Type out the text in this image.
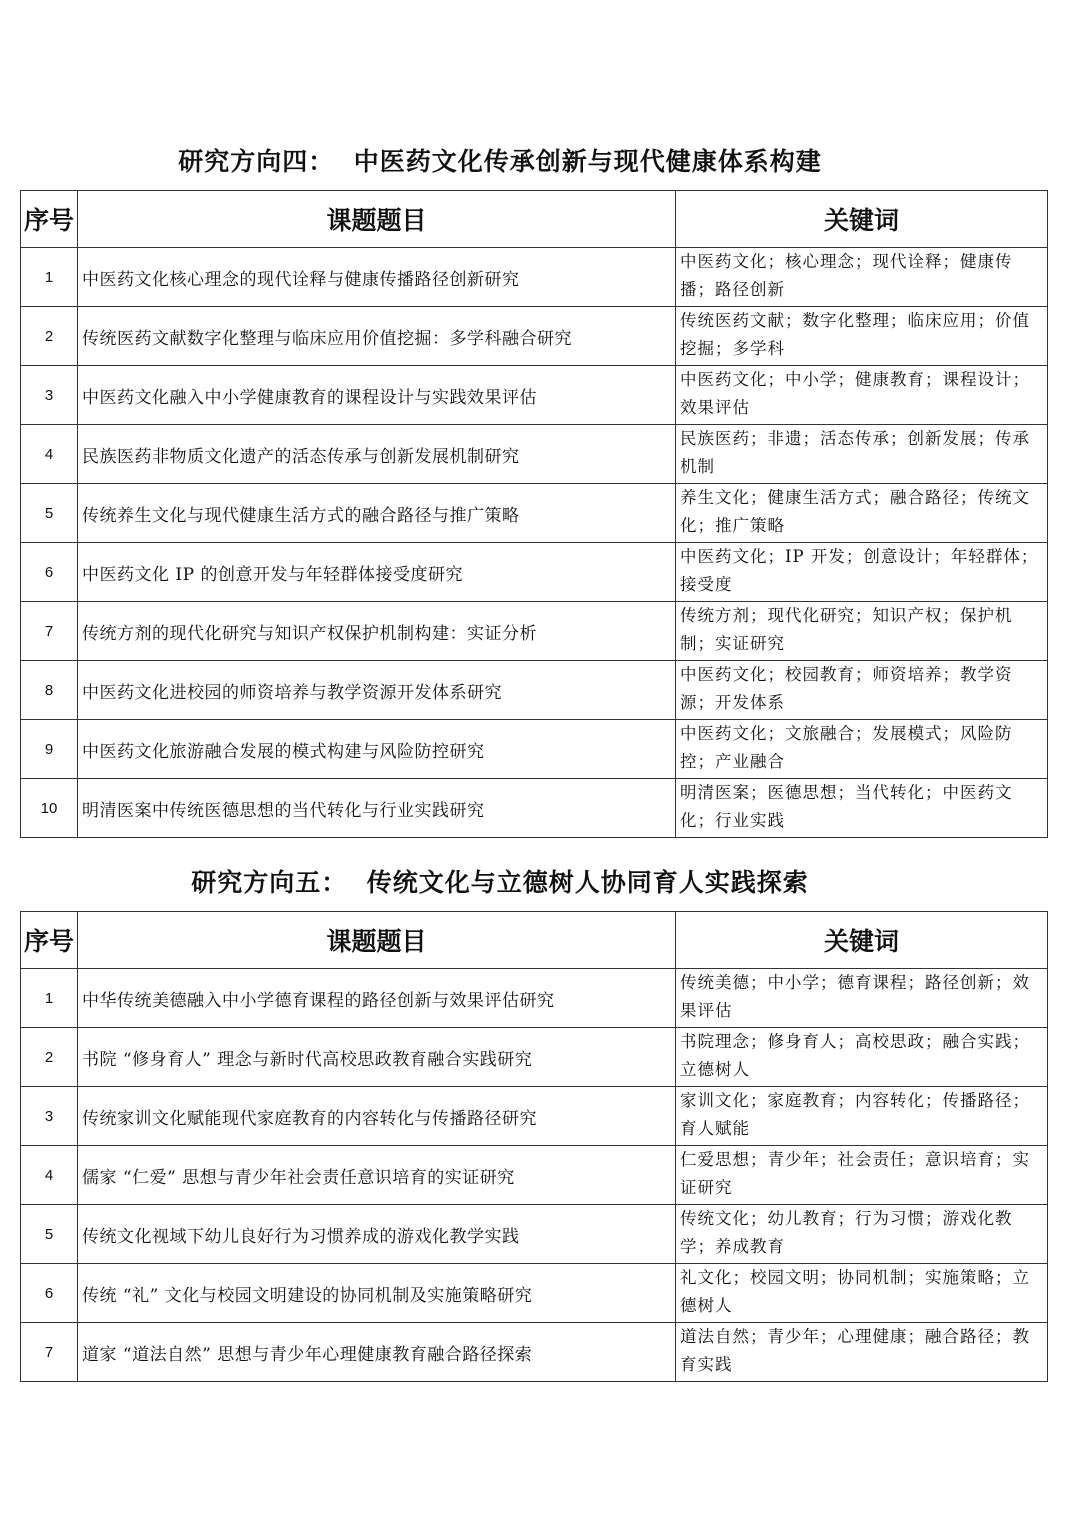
研究方向四：  中医药文化传承创新与现代健康体系构建
序号	课题题目	关键词
1	中医药文化核心理念的现代诠释与健康传播路径创新研究	中医药文化；核心理念；现代诠释；健康传播；路径创新
2	传统医药文献数字化整理与临床应用价值挖掘：多学科融合研究	传统医药文献；数字化整理；临床应用；价值挖掘；多学科
3	中医药文化融入中小学健康教育的课程设计与实践效果评估	中医药文化；中小学；健康教育；课程设计；效果评估
4	民族医药非物质文化遗产的活态传承与创新发展机制研究	民族医药；非遗；活态传承；创新发展；传承机制
5	传统养生文化与现代健康生活方式的融合路径与推广策略	养生文化；健康生活方式；融合路径；传统文化；推广策略
6	中医药文化 IP 的创意开发与年轻群体接受度研究	中医药文化；IP 开发；创意设计；年轻群体；接受度
7	传统方剂的现代化研究与知识产权保护机制构建：实证分析	传统方剂；现代化研究；知识产权；保护机制；实证研究
8	中医药文化进校园的师资培养与教学资源开发体系研究	中医药文化；校园教育；师资培养；教学资源；开发体系
9	中医药文化旅游融合发展的模式构建与风险防控研究	中医药文化；文旅融合；发展模式；风险防控；产业融合
10	明清医案中传统医德思想的当代转化与行业实践研究	明清医案；医德思想；当代转化；中医药文化；行业实践
研究方向五：  传统文化与立德树人协同育人实践探索
序号	课题题目	关键词
1	中华传统美德融入中小学德育课程的路径创新与效果评估研究	传统美德；中小学；德育课程；路径创新；效果评估
2	书院 “修身育人” 理念与新时代高校思政教育融合实践研究	书院理念；修身育人；高校思政；融合实践；立德树人
3	传统家训文化赋能现代家庭教育的内容转化与传播路径研究	家训文化；家庭教育；内容转化；传播路径；育人赋能
4	儒家 “仁爱” 思想与青少年社会责任意识培育的实证研究	仁爱思想；青少年；社会责任；意识培育；实证研究
5	传统文化视域下幼儿良好行为习惯养成的游戏化教学实践	传统文化；幼儿教育；行为习惯；游戏化教学；养成教育
6	传统 “礼” 文化与校园文明建设的协同机制及实施策略研究	礼文化；校园文明；协同机制；实施策略；立德树人
7	道家 “道法自然” 思想与青少年心理健康教育融合路径探索	道法自然；青少年；心理健康；融合路径；教育实践
